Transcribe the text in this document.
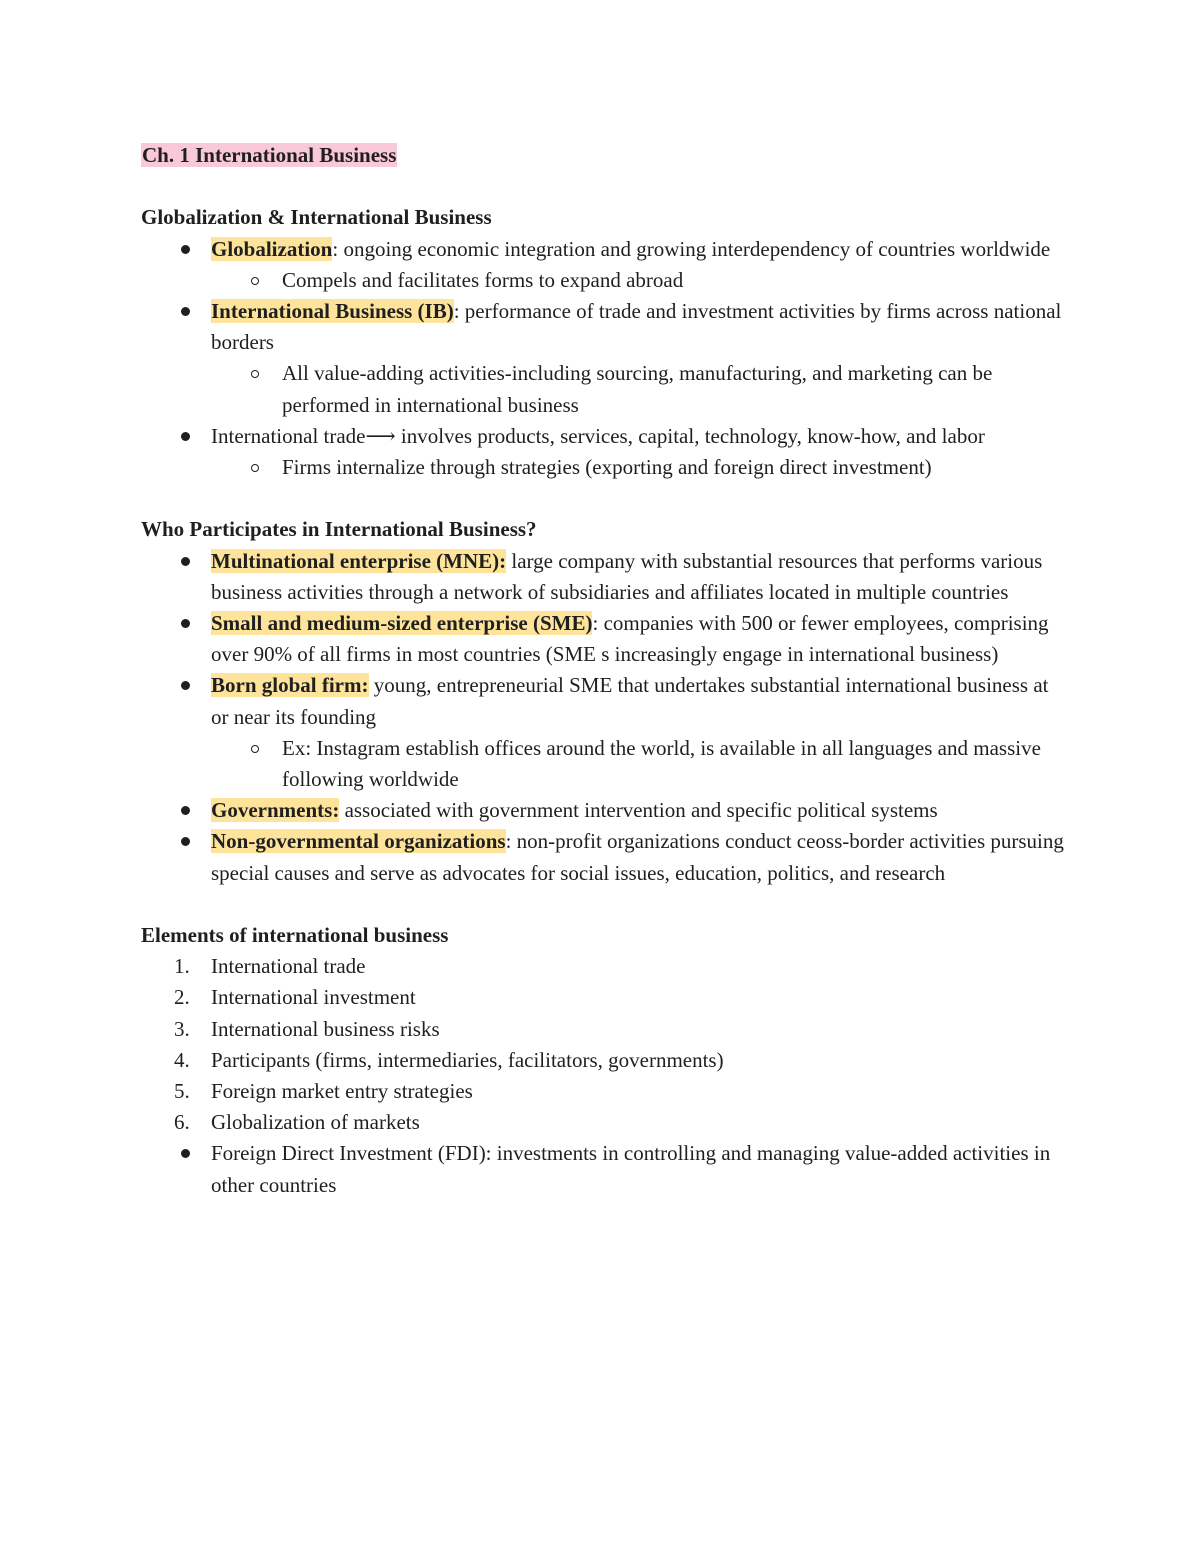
Ch. 1 International Business

Globalization & International Business

Globalization: ongoing economic integration and growing interdependency of countries worldwide
Compels and facilitates forms to expand abroad
International Business (IB): performance of trade and investment activities by firms across national borders
All value-adding activities-including sourcing, manufacturing, and marketing can be performed in international business
International trade⟶ involves products, services, capital, technology, know-how, and labor
Firms internalize through strategies (exporting and foreign direct investment)

Who Participates in International Business?

Multinational enterprise (MNE): large company with substantial resources that performs various business activities through a network of subsidiaries and affiliates located in multiple countries
Small and medium-sized enterprise (SME): companies with 500 or fewer employees, comprising over 90% of all firms in most countries (SME s increasingly engage in international business)
Born global firm: young, entrepreneurial SME that undertakes substantial international business at or near its founding
Ex: Instagram establish offices around the world, is available in all languages and massive following worldwide
Governments: associated with government intervention and specific political systems
Non-governmental organizations: non-profit organizations conduct ceoss-border activities pursuing special causes and serve as advocates for social issues, education, politics, and research

Elements of international business

1.	International trade
2.	International investment
3.	International business risks
4.	Participants (firms, intermediaries, facilitators, governments)
5.	Foreign market entry strategies
6.	Globalization of markets
Foreign Direct Investment (FDI): investments in controlling and managing value-added activities in other countries
